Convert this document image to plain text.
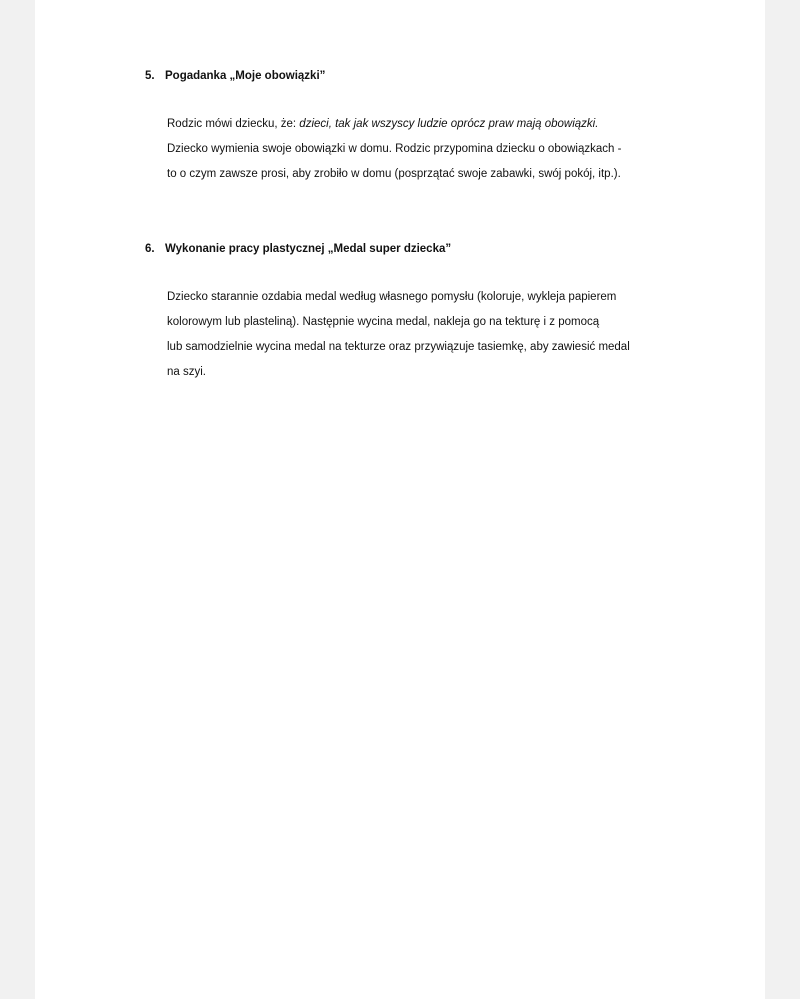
5. Pogadanka „Moje obowiązki”
Rodzic mówi dziecku, że: dzieci, tak jak wszyscy ludzie oprócz praw mają obowiązki.
Dziecko wymienia swoje obowiązki w domu. Rodzic przypomina dziecku o obowiązkach -
to o czym zawsze prosi, aby zrobiło w domu (posprzątać swoje zabawki, swój pokój, itp.).
6. Wykonanie pracy plastycznej „Medal super dziecka”
Dziecko starannie ozdabia medal według własnego pomysłu (koloruje, wykleja papierem
kolorowym lub plasteliną). Następnie wycina medal, nakleja go na tekturę i z pomocą
lub samodzielnie wycina medal na tekturze oraz przywiązuje tasiemkę, aby zawiesić medal
na szyi.
